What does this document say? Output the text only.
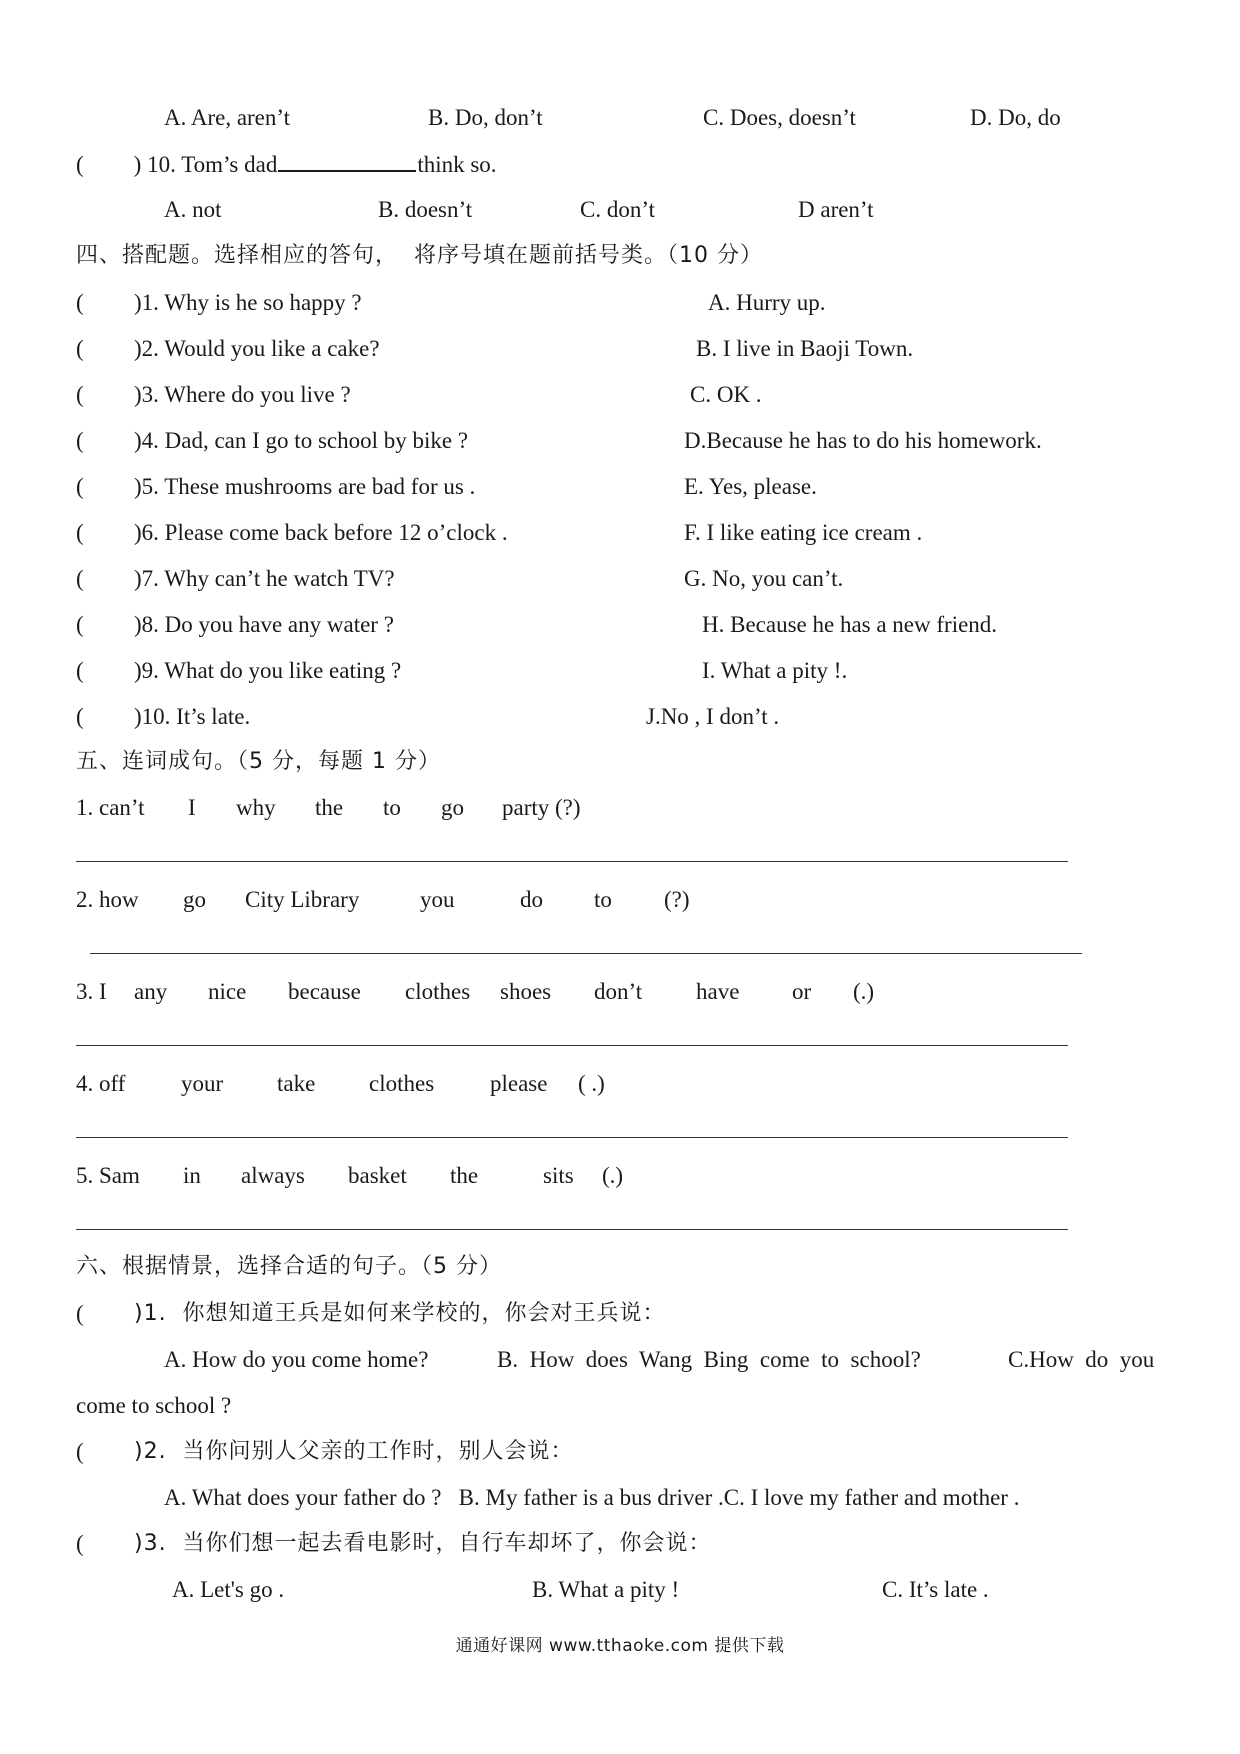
A. Are, aren’t	B. Do, don’t	C. Does, doesn’t	D. Do, do
( ) 10. Tom’s dad	think so.
A. not	B. doesn’t	C. don’t	D aren’t
四、搭配题。选择相应的答句，  将序号填在题前括号类。（10 分）
( )1. Why is he so happy ?	A. Hurry up.
( )2. Would you like a cake?	B. I live in Baoji Town.
( )3. Where do you live ?	C. OK .
( )4. Dad, can I go to school by bike ?	D.Because he has to do his homework.
( )5. These mushrooms are bad for us .	E. Yes, please.
( )6. Please come back before 12 o’clock .	F. I like eating ice cream .
( )7. Why can’t he watch TV?	G. No, you can’t.
( )8. Do you have any water ?	H. Because he has a new friend.
( )9. What do you like eating ?	I. What a pity !.
( )10. It’s late.	J.No , I don’t .
五、连词成句。（5 分，每题 1 分）
1. can’t I why the to go party (?)
2. how go City Library	you	do to (?)
3. I any nice because clothes shoes don’t have or (.)
4. off your take clothes please ( .)
5. Sam in always basket the	sits (.)
六、根据情景，选择合适的句子。（5 分）
( )1.  你想知道王兵是如何来学校的，你会对王兵说：
A. How do you come home?	B.  How  does  Wang  Bing  come  to  school?	C.How  do  you
come to school ?
( )2.  当你问别人父亲的工作时，别人会说：
A. What does your father do ?   B. My father is a bus driver .C. I love my father and mother .
( )3.  当你们想一起去看电影时，自行车却坏了，你会说：
A. Let's go .	B. What a pity !	C. It’s late .
通通好课网 www.tthaoke.com 提供下载
